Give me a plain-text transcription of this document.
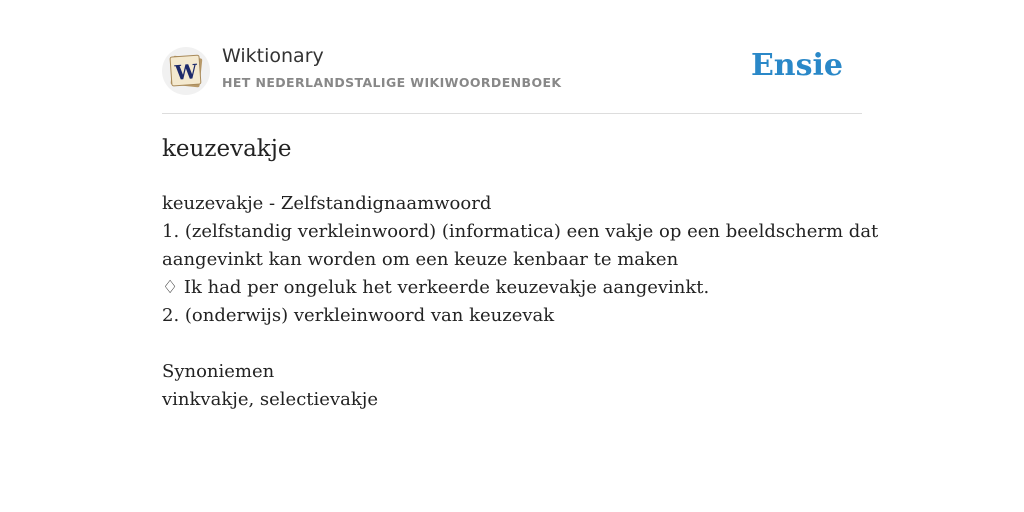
W
Wiktionary
HET NEDERLANDSTALIGE WIKIWOORDENBOEK	Ensie
keuzevakje
keuzevakje - Zelfstandignaamwoord
1. (zelfstandig verkleinwoord) (informatica) een vakje op een beeldscherm dat
aangevinkt kan worden om een keuze kenbaar te maken
♢ Ik had per ongeluk het verkeerde keuzevakje aangevinkt.
2. (onderwijs) verkleinwoord van keuzevak
Synoniemen
vinkvakje, selectievakje
